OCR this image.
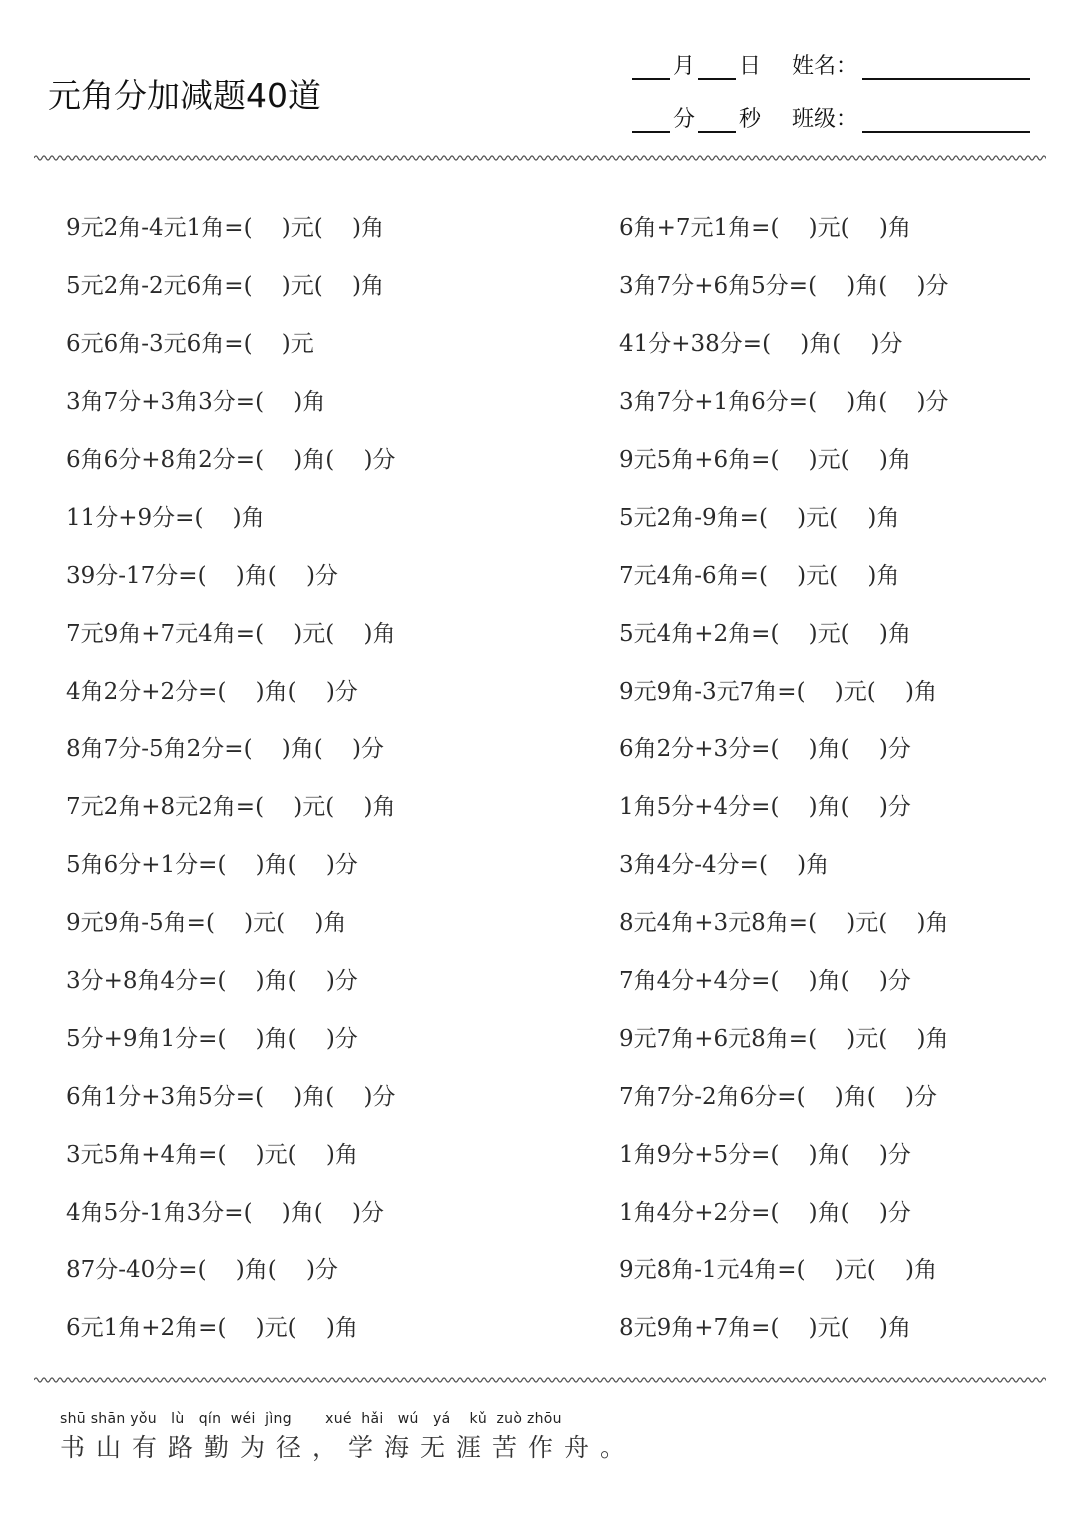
元角分加减题40道
月 日 姓名：
分 秒 班级：
9元2角-4元1角=(    )元(    )角	6角+7元1角=(    )元(    )角
5元2角-2元6角=(    )元(    )角	3角7分+6角5分=(    )角(    )分
6元6角-3元6角=(    )元	41分+38分=(    )角(    )分
3角7分+3角3分=(    )角	3角7分+1角6分=(    )角(    )分
6角6分+8角2分=(    )角(    )分	9元5角+6角=(    )元(    )角
11分+9分=(    )角	5元2角-9角=(    )元(    )角
39分-17分=(    )角(    )分	7元4角-6角=(    )元(    )角
7元9角+7元4角=(    )元(    )角	5元4角+2角=(    )元(    )角
4角2分+2分=(    )角(    )分	9元9角-3元7角=(    )元(    )角
8角7分-5角2分=(    )角(    )分	6角2分+3分=(    )角(    )分
7元2角+8元2角=(    )元(    )角	1角5分+4分=(    )角(    )分
5角6分+1分=(    )角(    )分	3角4分-4分=(    )角
9元9角-5角=(    )元(    )角	8元4角+3元8角=(    )元(    )角
3分+8角4分=(    )角(    )分	7角4分+4分=(    )角(    )分
5分+9角1分=(    )角(    )分	9元7角+6元8角=(    )元(    )角
6角1分+3角5分=(    )角(    )分	7角7分-2角6分=(    )角(    )分
3元5角+4角=(    )元(    )角	1角9分+5分=(    )角(    )分
4角5分-1角3分=(    )角(    )分	1角4分+2分=(    )角(    )分
87分-40分=(    )角(    )分	9元8角-1元4角=(    )元(    )角
6元1角+2角=(    )元(    )角	8元9角+7角=(    )元(    )角
shū shān yǒu   lù   qín  wéi  jìng       xué  hǎi   wú   yá    kǔ  zuò zhōu
书山有路勤为径，学海无涯苦作舟。
